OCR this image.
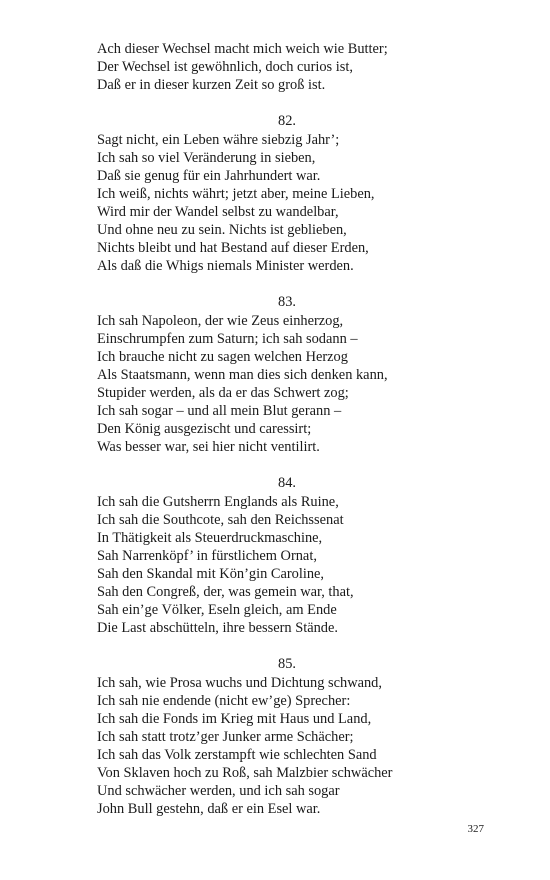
Ach dieser Wechsel macht mich weich wie Butter;
Der Wechsel ist gewöhnlich, doch curios ist,
Daß er in dieser kurzen Zeit so groß ist.
82.
Sagt nicht, ein Leben währe siebzig Jahr’;
Ich sah so viel Veränderung in sieben,
Daß sie genug für ein Jahrhundert war.
Ich weiß, nichts währt; jetzt aber, meine Lieben,
Wird mir der Wandel selbst zu wandelbar,
Und ohne neu zu sein. Nichts ist geblieben,
Nichts bleibt und hat Bestand auf dieser Erden,
Als daß die Whigs niemals Minister werden.
83.
Ich sah Napoleon, der wie Zeus einherzog,
Einschrumpfen zum Saturn; ich sah sodann –
Ich brauche nicht zu sagen welchen Herzog
Als Staatsmann, wenn man dies sich denken kann,
Stupider werden, als da er das Schwert zog;
Ich sah sogar – und all mein Blut gerann –
Den König ausgezischt und caressirt;
Was besser war, sei hier nicht ventilirt.
84.
Ich sah die Gutsherrn Englands als Ruine,
Ich sah die Southcote, sah den Reichssenat
In Thätigkeit als Steuerdruckmaschine,
Sah Narrenköpf’ in fürstlichem Ornat,
Sah den Skandal mit Kön’gin Caroline,
Sah den Congreß, der, was gemein war, that,
Sah ein’ge Völker, Eseln gleich, am Ende
Die Last abschütteln, ihre bessern Stände.
85.
Ich sah, wie Prosa wuchs und Dichtung schwand,
Ich sah nie endende (nicht ew’ge) Sprecher:
Ich sah die Fonds im Krieg mit Haus und Land,
Ich sah statt trotz’ger Junker arme Schächer;
Ich sah das Volk zerstampft wie schlechten Sand
Von Sklaven hoch zu Roß, sah Malzbier schwächer
Und schwächer werden, und ich sah sogar
John Bull gestehn, daß er ein Esel war.
327
